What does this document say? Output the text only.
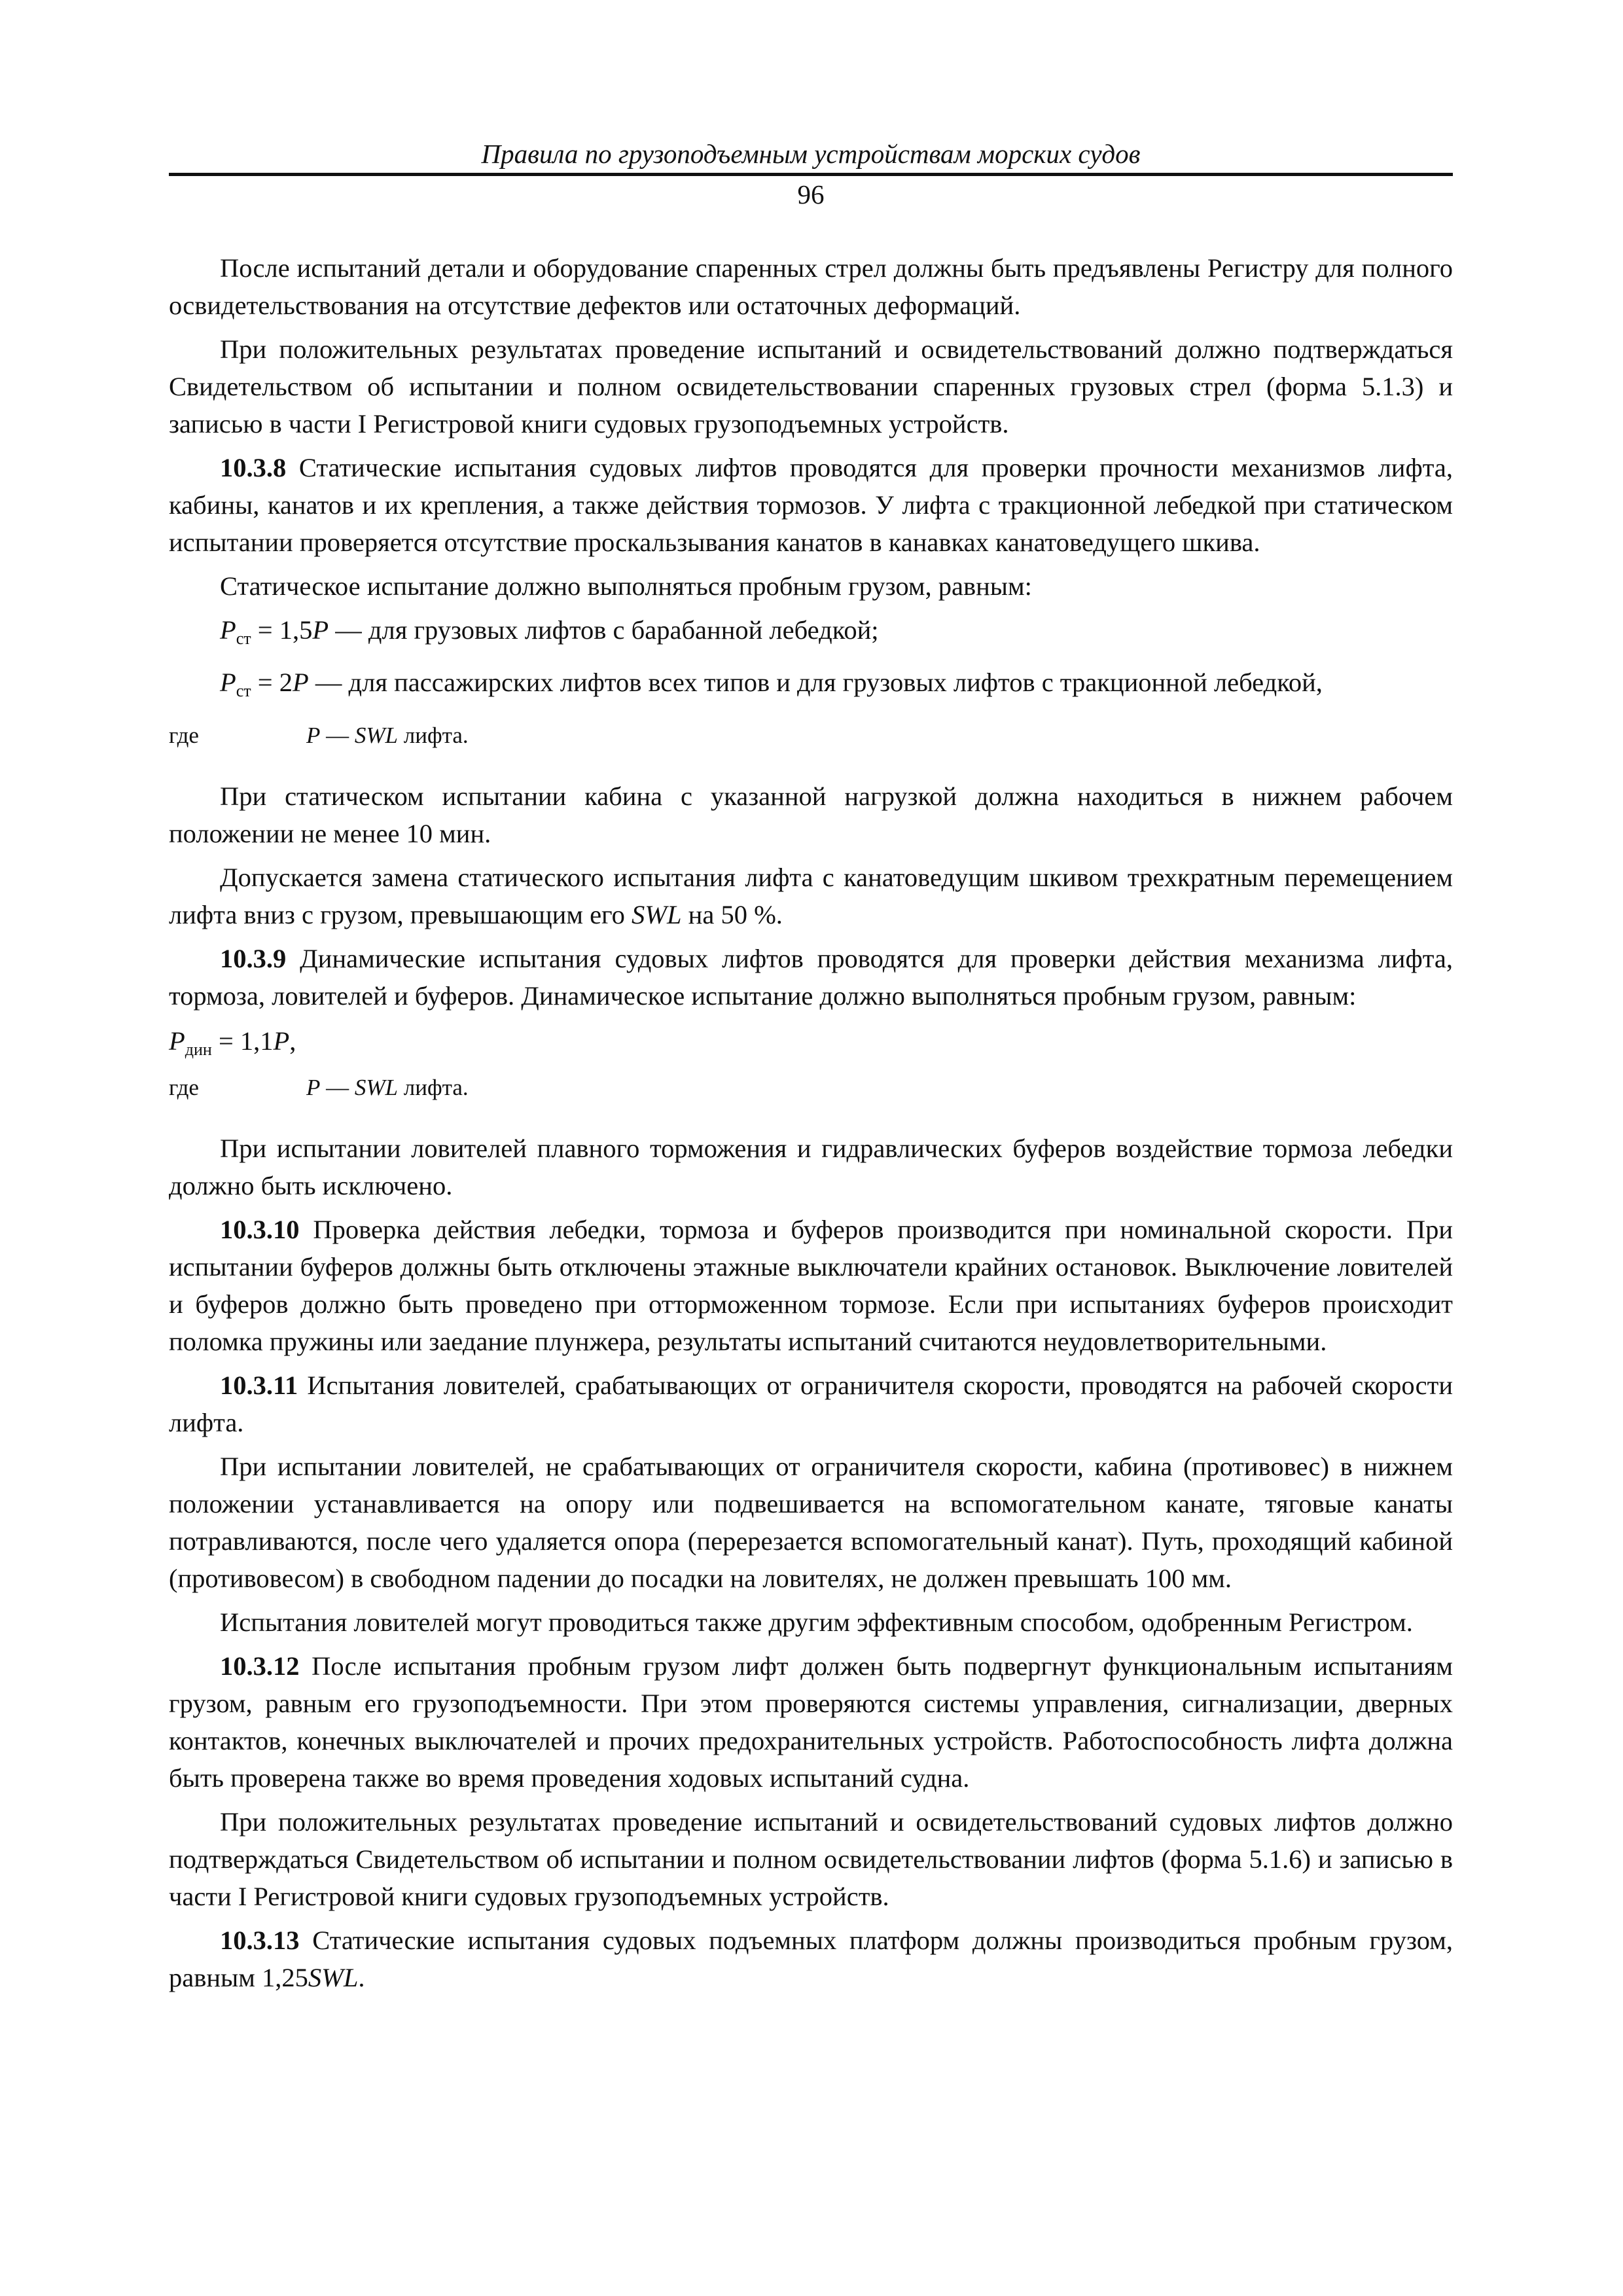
Правила по грузоподъемным устройствам морских судов
96

После испытаний детали и оборудование спаренных стрел должны быть предъявлены Регистру для полного освидетельствования на отсутствие дефектов или остаточных деформаций.

При положительных результатах проведение испытаний и освидетельствований должно подтверждаться Свидетельством об испытании и полном освидетельствовании спаренных грузовых стрел (форма 5.1.3) и записью в части I Регистровой книги судовых грузоподъемных устройств.

10.3.8 Статические испытания судовых лифтов проводятся для проверки прочности механизмов лифта, кабины, канатов и их крепления, а также действия тормозов. У лифта с тракционной лебедкой при статическом испытании проверяется отсутствие проскальзывания канатов в канавках канатоведущего шкива.

Статическое испытание должно выполняться пробным грузом, равным:

$P_{ст} = 1,5P$ — для грузовых лифтов с барабанной лебедкой;

$P_{ст} = 2P$ — для пассажирских лифтов всех типов и для грузовых лифтов с тракционной лебедкой,

где	P — SWL лифта.

При статическом испытании кабина с указанной нагрузкой должна находиться в нижнем рабочем положении не менее 10 мин.

Допускается замена статического испытания лифта с канатоведущим шкивом трехкратным перемещением лифта вниз с грузом, превышающим его SWL на 50 %.

10.3.9 Динамические испытания судовых лифтов проводятся для проверки действия механизма лифта, тормоза, ловителей и буферов. Динамическое испытание должно выполняться пробным грузом, равным:

$P_{дин} = 1,1P$,
где	P — SWL лифта.

При испытании ловителей плавного торможения и гидравлических буферов воздействие тормоза лебедки должно быть исключено.

10.3.10 Проверка действия лебедки, тормоза и буферов производится при номинальной скорости. При испытании буферов должны быть отключены этажные выключатели крайних остановок. Выключение ловителей и буферов должно быть проведено при отторможенном тормозе. Если при испытаниях буферов происходит поломка пружины или заедание плунжера, результаты испытаний считаются неудовлетворительными.

10.3.11 Испытания ловителей, срабатывающих от ограничителя скорости, проводятся на рабочей скорости лифта.

При испытании ловителей, не срабатывающих от ограничителя скорости, кабина (противовес) в нижнем положении устанавливается на опору или подвешивается на вспомогательном канате, тяговые канаты потравливаются, после чего удаляется опора (перерезается вспомогательный канат). Путь, проходящий кабиной (противовесом) в свободном падении до посадки на ловителях, не должен превышать 100 мм.

Испытания ловителей могут проводиться также другим эффективным способом, одобренным Регистром.

10.3.12 После испытания пробным грузом лифт должен быть подвергнут функциональным испытаниям грузом, равным его грузоподъемности. При этом проверяются системы управления, сигнализации, дверных контактов, конечных выключателей и прочих предохранительных устройств. Работоспособность лифта должна быть проверена также во время проведения ходовых испытаний судна.

При положительных результатах проведение испытаний и освидетельствований судовых лифтов должно подтверждаться Свидетельством об испытании и полном освидетельствовании лифтов (форма 5.1.6) и записью в части I Регистровой книги судовых грузоподъемных устройств.

10.3.13 Статические испытания судовых подъемных платформ должны производиться пробным грузом, равным 1,25SWL.
